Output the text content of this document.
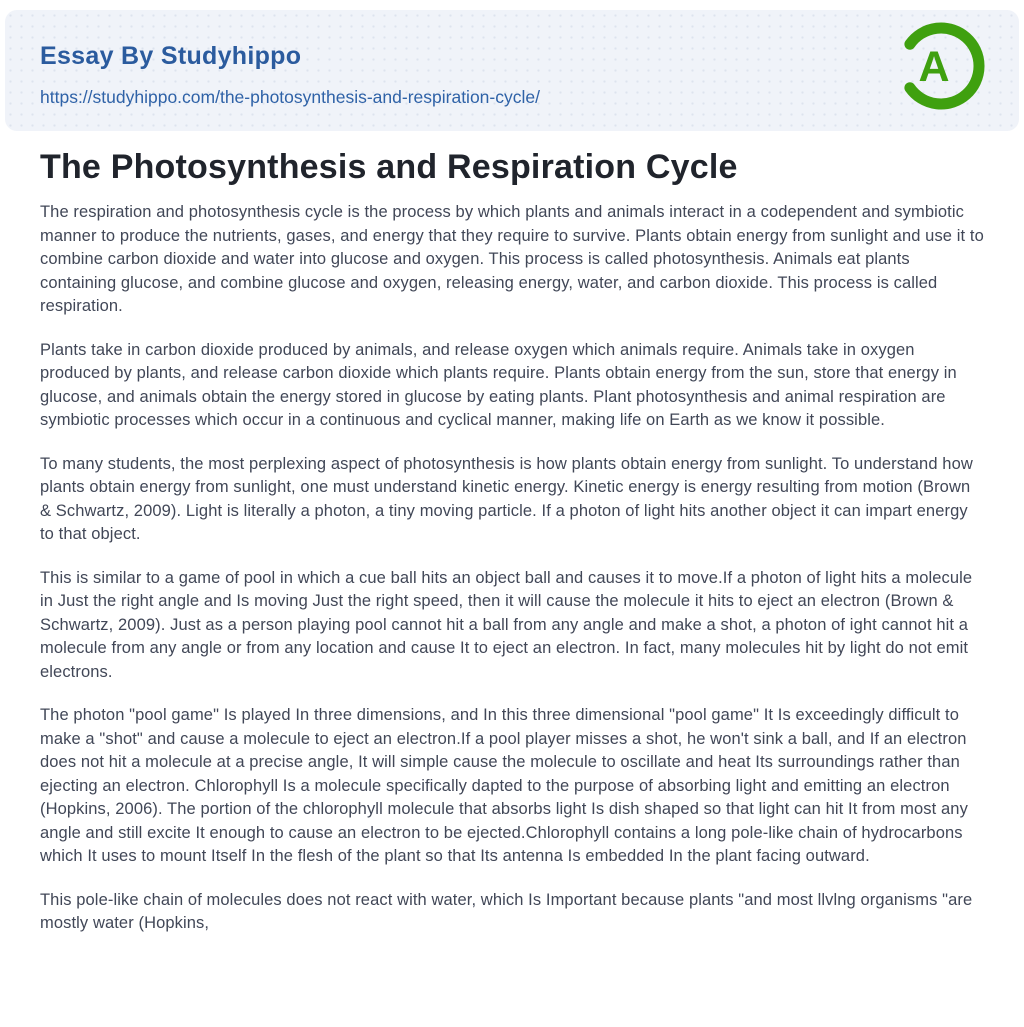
Essay By Studyhippo
https://studyhippo.com/the-photosynthesis-and-respiration-cycle/
A
The Photosynthesis and Respiration Cycle

The respiration and photosynthesis cycle is the process by which plants and animals interact in a codependent and symbiotic manner to produce the nutrients, gases, and energy that they require to survive. Plants obtain energy from sunlight and use it to combine carbon dioxide and water into glucose and oxygen. This process is called photosynthesis. Animals eat plants containing glucose, and combine glucose and oxygen, releasing energy, water, and carbon dioxide. This process is called respiration.

Plants take in carbon dioxide produced by animals, and release oxygen which animals require. Animals take in oxygen produced by plants, and release carbon dioxide which plants require. Plants obtain energy from the sun, store that energy in glucose, and animals obtain the energy stored in glucose by eating plants. Plant photosynthesis and animal respiration are symbiotic processes which occur in a continuous and cyclical manner, making life on Earth as we know it possible.

To many students, the most perplexing aspect of photosynthesis is how plants obtain energy from sunlight. To understand how plants obtain energy from sunlight, one must understand kinetic energy. Kinetic energy is energy resulting from motion (Brown & Schwartz, 2009). Light is literally a photon, a tiny moving particle. If a photon of light hits another object it can impart energy to that object.

This is similar to a game of pool in which a cue ball hits an object ball and causes it to move.If a photon of light hits a molecule in Just the right angle and Is moving Just the right speed, then it will cause the molecule it hits to eject an electron (Brown & Schwartz, 2009). Just as a person playing pool cannot hit a ball from any angle and make a shot, a photon of ight cannot hit a molecule from any angle or from any location and cause It to eject an electron. In fact, many molecules hit by light do not emit electrons.

The photon "pool game" Is played In three dimensions, and In this three dimensional "pool game" It Is exceedingly difficult to make a "shot" and cause a molecule to eject an electron.If a pool player misses a shot, he won't sink a ball, and If an electron does not hit a molecule at a precise angle, It will simple cause the molecule to oscillate and heat Its surroundings rather than ejecting an electron. Chlorophyll Is a molecule specifically dapted to the purpose of absorbing light and emitting an electron (Hopkins, 2006). The portion of the chlorophyll molecule that absorbs light Is dish shaped so that light can hit It from most any angle and still excite It enough to cause an electron to be ejected.Chlorophyll contains a long pole-like chain of hydrocarbons which It uses to mount Itself In the flesh of the plant so that Its antenna Is embedded In the plant facing outward.

This pole-like chain of molecules does not react with water, which Is Important because plants "and most llvlng organisms "are mostly water (Hopkins,
